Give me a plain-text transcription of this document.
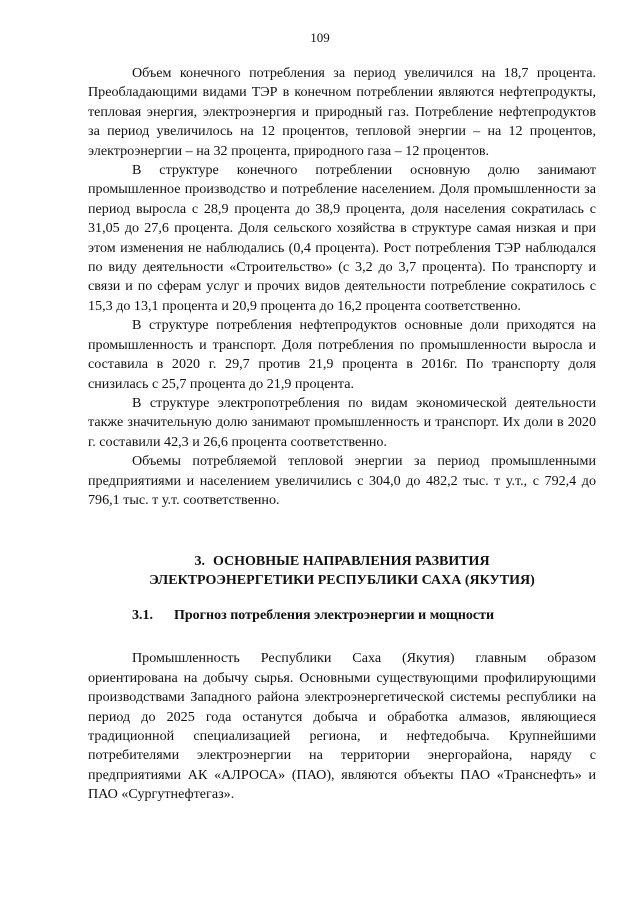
109

Объем конечного потребления за период увеличился на 18,7 процента. Преобладающими видами ТЭР в конечном потреблении являются нефтепродукты, тепловая энергия, электроэнергия и природный газ. Потребление нефтепродуктов за период увеличилось на 12 процентов, тепловой энергии – на 12 процентов, электроэнергии – на 32 процента, природного газа – 12 процентов.

В структуре конечного потреблении основную долю занимают промышленное производство и потребление населением. Доля промышленности за период выросла с 28,9 процента до 38,9 процента, доля населения сократилась с 31,05 до 27,6 процента. Доля сельского хозяйства в структуре самая низкая и при этом изменения не наблюдались (0,4 процента). Рост потребления ТЭР наблюдался по виду деятельности «Строительство» (с 3,2 до 3,7 процента). По транспорту и связи и по сферам услуг и прочих видов деятельности потребление сократилось с 15,3 до 13,1 процента и 20,9 процента до 16,2 процента соответственно.

В структуре потребления нефтепродуктов основные доли приходятся на промышленность и транспорт. Доля потребления по промышленности выросла и составила в 2020 г. 29,7 против 21,9 процента в 2016г. По транспорту доля снизилась с 25,7 процента до 21,9 процента.

В структуре электропотребления по видам экономической деятельности также значительную долю занимают промышленность и транспорт. Их доли в 2020 г. составили 42,3 и 26,6 процента соответственно.

Объемы потребляемой тепловой энергии за период промышленными предприятиями и населением увеличились с 304,0 до 482,2 тыс. т у.т., с 792,4 до 796,1 тыс. т у.т. соответственно.

3. ОСНОВНЫЕ НАПРАВЛЕНИЯ РАЗВИТИЯ
ЭЛЕКТРОЭНЕРГЕТИКИ РЕСПУБЛИКИ САХА (ЯКУТИЯ)
3.1. Прогноз потребления электроэнергии и мощности

Промышленность Республики Саха (Якутия) главным образом ориентирована на добычу сырья. Основными существующими профилирующими производствами Западного района электроэнергетической системы республики на период до 2025 года останутся добыча и обработка алмазов, являющиеся традиционной специализацией региона, и нефтедобыча. Крупнейшими потребителями электроэнергии на территории энергорайона, наряду с предприятиями АК «АЛРОСА» (ПАО), являются объекты ПАО «Транснефть» и ПАО «Сургутнефтегаз».
